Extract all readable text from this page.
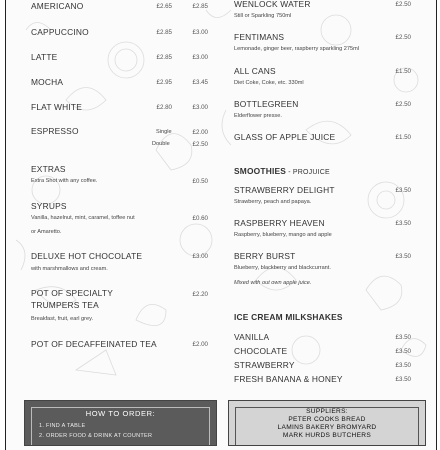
AMERICANO	£2.65	£2.85
CAPPUCCINO	£2.85	£3.00
LATTE	£2.85	£3.00
MOCHA	£2.95	£3.45
FLAT WHITE	£2.80	£3.00
ESPRESSO	Single	£2.00
Double	£2.50
EXTRAS
Extra Shot with any coffee.	£0.50
SYRUPS
Vanilla, hazelnut, mint, caramel, toffee nut
or Amaretto.
£0.60
DELUXE HOT CHOCOLATE
with marshmallows and cream.
£3.00
POT OF SPECIALTY
TRUMPERS TEA
Breakfast, fruit, earl grey.
£2.20
POT OF DECAFFEINATED TEA	£2.00
WENLOCK WATER
Still or Sparkling 750ml
£2.50
FENTIMANS
Lemonade, ginger beer, raspberry sparkling 275ml
£2.50
ALL CANS
Diet Coke, Coke, etc. 330ml
£1.50
BOTTLEGREEN
Elderflower presse.
£2.50
GLASS OF APPLE JUICE	£1.50
SMOOTHIES - PROJUICE
STRAWBERRY DELIGHT
Strawberry, peach and papaya.
£3.50
RASPBERRY HEAVEN
Raspberry, blueberry, mango and apple
£3.50
BERRY BURST
Blueberry, blackberry and blackcurrant.
£3.50
Mixed with out own apple juice.
ICE CREAM MILKSHAKES
VANILLA	£3.50
CHOCOLATE	£3.50
STRAWBERRY	£3.50
FRESH BANANA & HONEY	£3.50
HOW TO ORDER:
1. FIND A TABLE
2. ORDER FOOD & DRINK AT COUNTER
SUPPLIERS:
PETER COOKS BREAD
LAMINS BAKERY BROMYARD
MARK HURDS BUTCHERS
